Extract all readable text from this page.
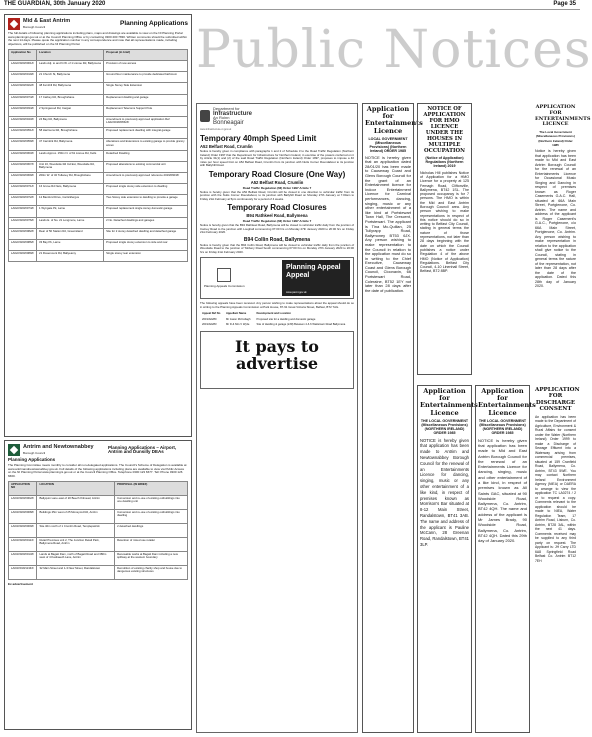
THE GUARDIAN, 30th January 2020	Page 35
Mid & East Antrim
Borough Council	Planning Applications
The full details of following planning applications including plans, maps and drawings are available to view on the NI Planning Portal www.planningni.gov.uk or at the Council Planning Office or by contacting 0300 200 7830. Written comments should be submitted within the next 14 days. Please quote the application number in any correspondence and note that all representations made, including objections, will be published on the NI Planning Portal.
Application No	Location	Proposal (in brief)
LA02/2020/0001/F	Lands Adj. to and N.W. of 1 Lisnoe Rd, Ballymena	Provision of new access
LA02/2020/0019/F	21 Church St, Ballymena	Ground floor maintenance to provide dedicated bathroom
LA02/2020/0022/F	48 Fernhill Rd, Ballymena	Single Storey Side Extension
LA02/2020/0074/F	17 Cathey Rd, Broughshane	Replacement dwelling and garage
LA02/2020/0034/F	2 Springwood Rd, Cargan	Replacement Telecoms Support Pole
LA02/2020/0043/F	24 Bay Rd, Ballymena	Amendment to previously approved application Ref: LA02/2018/0652/F
LA02/2020/0051/F	58 Harrisons Rd, Broughshane	Proposed replacement dwelling with integral garage
LA02/2020/0059/F	47 Carnkirk Rd, Ballymena	Alterations and Extensions to existing garage to provide granny annex
LA02/2020/0063/F	Lands Approx. 150m N. of 61 Lisnoe Rd, Kells	Detached Dwelling
LA02/2020/0067/F	Unit 16, Woodside Rd Ind Est, Woodside Rd, Ballymena	Proposed alterations to existing commercial unit
LA02/2020/0069/F	200m W. of 32 Tullaney Rd, Broughshane	Amendment to previously approved reference 2019/0603/F
LA02/2020/0071/F	16 Grove Rd Nets, Ballymena	Proposed single storey side extension to dwelling
LA02/2020/0072/F	12 Bamford Drive, Carrickfergus	Two Storey side extension to dwelling to provide a garage
LA02/2020/0074/F	1 Wyngate Pk, Larne	Proposed replacement single storey domestic garage
LA02/2020/0076/F	Lands E. of No. 21 Longmore, Larne	2 No. Detached dwellings and garages
LA02/2020/0082/F	Rear of 50 Station Rd, Greenisland	Site for 2 storey detached dwelling and detached garage
LA02/2020/0086/F	33 Bay Pk, Larne	Proposed single storey extension to side and rear
LA02/2020/0089/F	21 Rosemount Rd, Ballyeamy	Single storey rear extension
Antrim and Newtownabbey
Borough Council
Planning Applications – Airport, Antrim and Dunsilly DEAs
Planning Applications
The Planning Committee meets monthly to consider all non-delegated applications. The Council's Scheme of Delegation is available at www.antrimandnewtownabbey.gov.uk. Full details of the following applications including plans are available to view via Public Access on the NI Planning Portal www.planningni.gov.uk or at the Council Planning Office. Telephone 0300 123 6677. Tell: Phone 0300 126 6660.
APPLICATION NO	LOCATION	PROPOSAL (IN BRIEF)
LA03/2020/0002/F	Ballyquin Lane east of 20 Beech Kilmead, Antrim	Conversion and re-use of existing outbuildings into one dwelling unit
LA03/2020/0008/F	Buildings 25m west of 25 Moneyrod Rd, Antrim	Conversion and re-use of existing outbuildings into dwelling
LA03/2020/0009/F	Site 40m north of 1 Crumlin Road, Templepatrick	2 detached dwellings
LA03/2020/0011/F	Retail Premises unit 2, The Junction Retail Park, Ballymena Road, Antrim	Retention of mixed use retailer
LA03/2020/0013/F	Lands at Bagatt Dam, north of Bagatt Road and 380m west of 4 Kadraeeth Lane, Antrim	Renewable works at Bagatt Dam including a new spillway at the western boundary
LA03/2019/1134/F	32 Main Street and 1-3 New Street, Randalstown	Demolition of existing charity shop and house due to dangerous existing structures
Ex advertisement
Public Notices
Department for
Infrastructure
An Roinn
Bonneagair
www.infrastructure-ni.gov.uk
Temporary 40mph Speed Limit
A52 Belfast Road, Crumlin
Notice is hereby given in compliance with paragraphs 1 and 2 of Schedule 3 to the Road Traffic Regulation (Northern Ireland) Order 1997 that the Department for Infrastructure for Northern Ireland, in exercise of the powers conferred on it by Article 31(1) and (2) of the said Road Traffic Regulation (Northern Ireland) Order 1997, proposes to impose a 40 miles per hour speed limit on A52 Belfast Road, Crumlin from its junction with Nutts Corner Roundabout to its junction with Ballyhill Road.
Temporary Road Closure (One Way)
A52 Belfast Road, Crumlin
Road Traffic Regulation (NI) Order 1997 Article 7
Notice is hereby given that the A52 Belfast Road, Crumlin will be closed in one direction to vehicular traffic from its junction with the Nutts Corner Roundabout, to its junction with Ballyhill Road on Monday 27th January at 7.00am to Friday 21st February at 5pm continuously for a period of 4 weeks.
Temporary Road Closures
B94 Rathkeel Road, Ballymena
Road Traffic Regulation (NI) Order 1997 Article 7
Notice is hereby given that the B94 Rathkeel Road, Ballymena will be closed to vehicular traffic daily from the junction of Carney Road to the junction with Loughall commencing 07:00 hrs on Monday 27th January 2020 to 20:00 hrs on Friday 21st February 2020.
B94 Collin Road, Ballymena
Notice is hereby given that the B94 Collin Road, Ballymena will be closed to vehicular traffic daily from the junction of Woodside Road to the junction of Tobbery Road South commencing 07:00 hrs on Monday 27th January 2020 to 20:00 hrs on Friday 21st February 2020.
Planning Appeals Commission
Planning Appeal
Appeal
www.pacni.gov.uk
The following appeals have been received. Any person wishing to make representations about the appeal should do so in writing to the Planning Appeals Commission at Park House, 87-91 Great Victoria Street, Belfast, BT2 7AG.
Appeal Ref No	Appellant Name	Development and Location
2019/A0280	Mr Jason McCullagh	Proposed site for a dwelling and domestic garage
2019/A0283	Mr D & Mrs V Wylie	Site of dwelling & garage (infill) Between 4 & 6 Wattstown Road Ballymena
It pays to
advertise
Application for Entertainments Licence
LOCAL GOVERNMENT (Miscellaneous Provisions) (Northern Ireland) ORDER 1985
NOTICE is hereby given that an application dated 28/01/20 has been made to Causeway Coast and Glens Borough Council for the grant of an Entertainment licence for Indoor Entertainment Licence for Carnival performances, dancing, singing, music or any other entertainment of a like kind at Portstewart Town Hall, The Crescent, Portstewart. The applicant is Tina Mc-Quillan, 25 Tullyrapp Road, Ballymoney BT53 6JX. Any person wishing to make representation to the Council in relation to the application must do so in writing to the Chief Executive, Causeway Coast and Glens Borough Council, Cloonavin, 66 Portstewart Road, Coleraine, BT52 1EY not later than 28 days after the date of publication.
NOTICE OF APPLICATION FOR HMO LICENCE UNDER THE HOUSES IN MULTIPLE OCCUPATION
(Notice of Application) Regulations (Northern Ireland) 2019
Nicholas Hill publishes Notice of Application for a HMO Licence for a property at 125 Fernagh Road, Cliftonville, Ballymena, BT42 1SL. The proposed occupancy is for 7 persons. The HMO is within the Mid and East Antrim Borough Council area. Any person wishing to make representations in respect of this notice should do so in writing to Belfast City Council, stating in general terms the nature of those representations, not later than 28 days beginning with the date on which the Council publishes a notice under Regulation 4 of the above HMO (Notice of Application) Regulations. Belfast City Council, 4-10 Linenhall Street, Belfast, BT2 8BP.
Application for Entertainments Licence
THE LOCAL GOVERNMENT (Miscellaneous Provisions) (NORTHERN IRELAND) ORDER 1985
NOTICE is hereby given that application has been made to Antrim and Newtownabbey Borough Council for the renewal of an Entertainments Licence for dancing, singing, music or any other entertainment of a like kind, in respect of premises known as Morrison's Bar situated at 8-12 Main Street, Randalstown, BT41 3AB. The name and address of the applicant is Pauline McCann, 28 Greenan Road, Randalstown, BT41 3LP.
Application for Entertainments Licence
THE LOCAL GOVERNMENT (Miscellaneous Provisions) (NORTHERN IRELAND) ORDER 1985
NOTICE is hereby given that application has been made to Mid and East Antrim Borough Council for the renewal of an Entertainments Licence for dancing, singing, music and other entertainment of a like kind, in respect of premises known as All Saints GAC, situated at 90 Woodside Road, Ballymena, Co. Antrim, BT42 4QH. The name and address of the applicant is Mr James Brady, 90 Woodside Road, Ballymena, Co. Antrim, BT42 4QH. Dated this 29th day of January 2020.
APPLICATION FOR ENTERTAINMENTS LICENCE
The Local Government (Miscellaneous Provisions) (Northern Ireland) Order 1985
Notice is hereby given that application has been made to Mid and East Antrim Borough Council for the renewal of an Entertainments Licence for Occasional Music Singing and Dancing in respect of premises known as Roger Casements G.A.C. Hall, situated at 66A Main Street, Portglenone, Co. Antrim. The name and address of the applicant is Roger Casement's G.A.C., Portglenone, c/o 66A Main Street, Portglenone, Co. Antrim. Any person wishing to make representation in relation to the application shall give notice to the Council, stating in general terms the nature of the representation, not later than 28 days after the date of the application. Dated this 28th day of January 2020.
APPLICATION FOR DISCHARGE CONSENT
An application has been made to the Department of Agriculture, Environment & Rural Affairs for consent under the Water (Northern Ireland) Order 1999 to make a Discharge of Sewage Effluent into a Waterway arising from commercial premises, situated at 159 Cranfield Road, Ballymena, Co. Antrim, BT43 5WE. You may contact Northern Ireland Environment Agency (NIEA) or DAERA to arrange to view the application TC LA0274 / 2 or to request a copy. Comments relevant to the application should be made to NIEA, Water Regulation Team, 17 Antrim Road, Lisburn, Co. Antrim, BT28 3AL, within the next 41 days. Comments received may be supplied to any third party on request. The Applicant is: JH Carry LTD 6A8 Springfield Road Belfast Co. Antrim BT12 7EH
